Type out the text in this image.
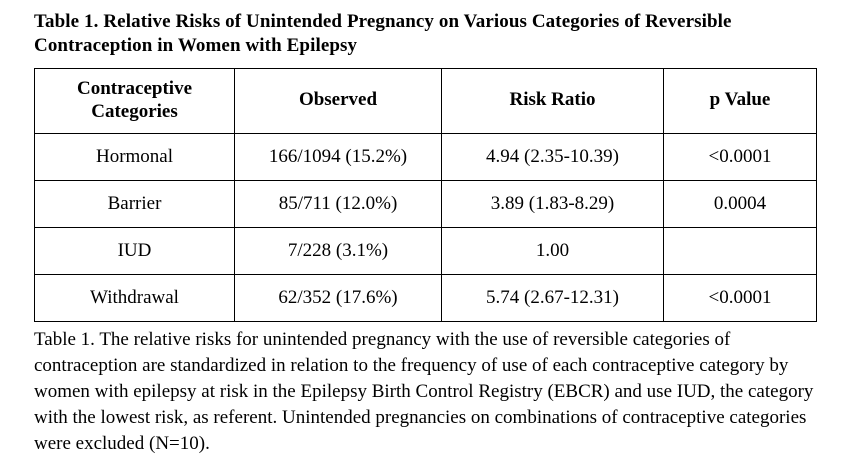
Table 1. Relative Risks of Unintended Pregnancy on Various Categories of Reversible Contraception in Women with Epilepsy
Contraceptive Categories	Observed	Risk Ratio	p Value
Hormonal	166/1094 (15.2%)	4.94 (2.35-10.39)	<0.0001
Barrier	85/711 (12.0%)	3.89 (1.83-8.29)	0.0004
IUD	7/228 (3.1%)	1.00	
Withdrawal	62/352 (17.6%)	5.74 (2.67-12.31)	<0.0001
Table 1. The relative risks for unintended pregnancy with the use of reversible categories of contraception are standardized in relation to the frequency of use of each contraceptive category by women with epilepsy at risk in the Epilepsy Birth Control Registry (EBCR) and use IUD, the category with the lowest risk, as referent. Unintended pregnancies on combinations of contraceptive categories were excluded (N=10).
